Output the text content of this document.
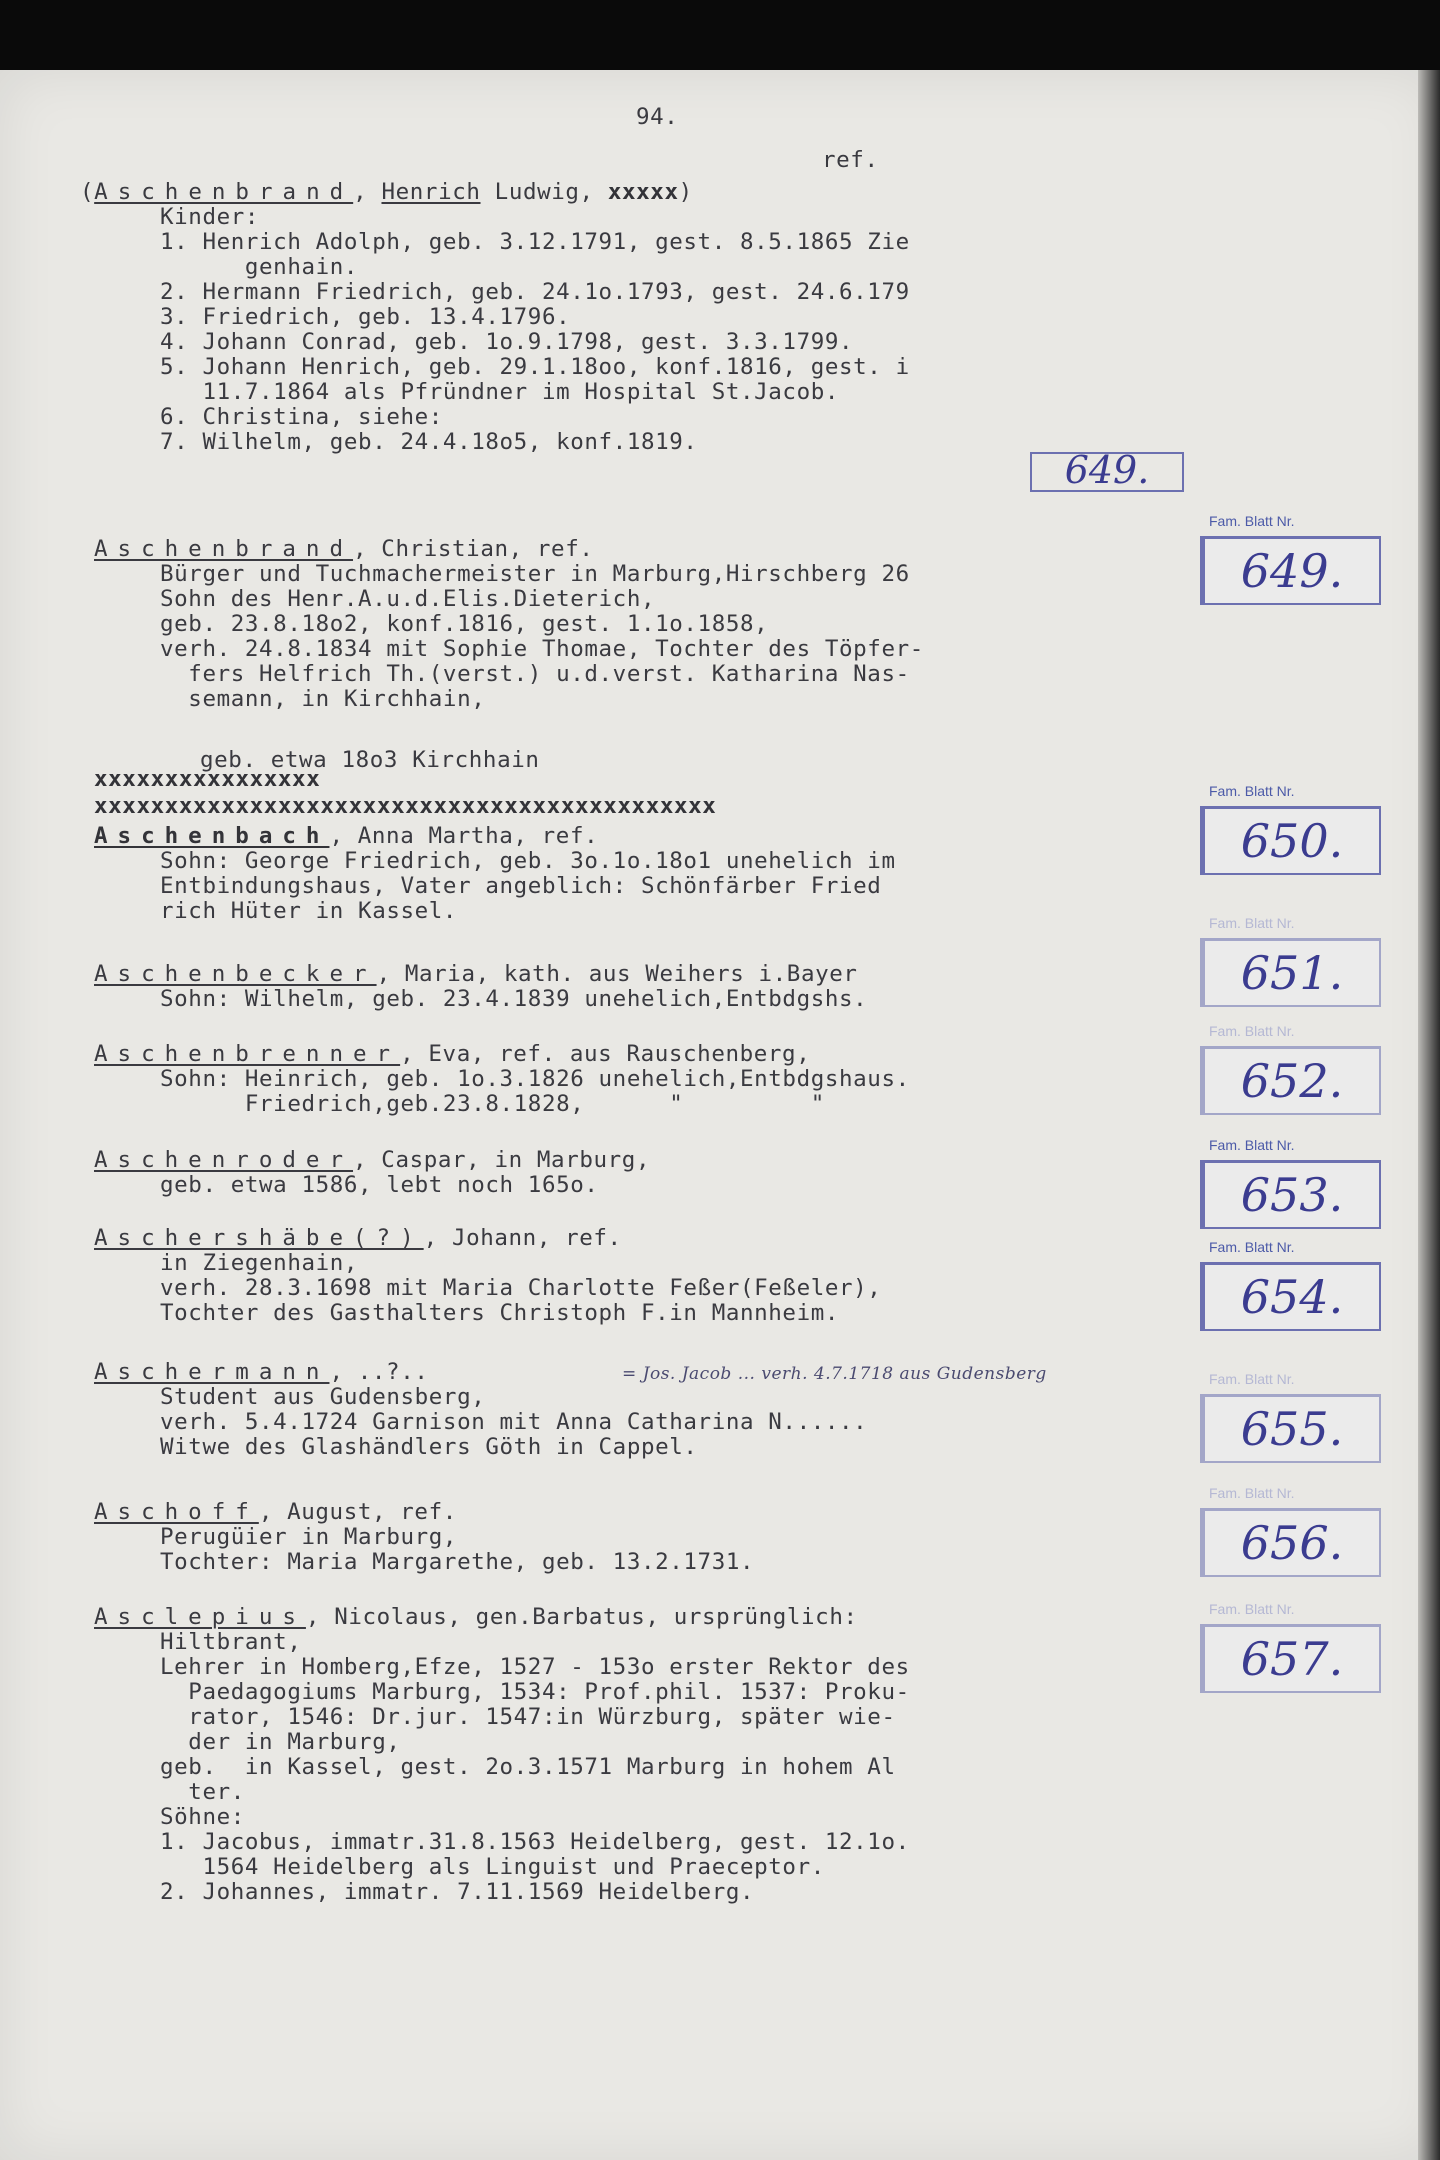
94.
ref.
(Aschenbrand, Henrich Ludwig, xxxxx)
Kinder:
1. Henrich Adolph, geb. 3.12.1791, gest. 8.5.1865 Zie
genhain.
2. Hermann Friedrich, geb. 24.1o.1793, gest. 24.6.179
3. Friedrich, geb. 13.4.1796.
4. Johann Conrad, geb. 1o.9.1798, gest. 3.3.1799.
5. Johann Henrich, geb. 29.1.18oo, konf.1816, gest. i
11.7.1864 als Pfründner im Hospital St.Jacob.
6. Christina, siehe:
7. Wilhelm, geb. 24.4.18o5, konf.1819.
649.
Aschenbrand, Christian, ref.
Bürger und Tuchmachermeister in Marburg,Hirschberg 26
Sohn des Henr.A.u.d.Elis.Dieterich,
geb. 23.8.18o2, konf.1816, gest. 1.1o.1858,
verh. 24.8.1834 mit Sophie Thomae, Tochter des Töpfer-
fers Helfrich Th.(verst.) u.d.verst. Katharina Nas-
semann, in Kirchhain,
geb. etwa 18o3 Kirchhain
xxxxxxxxxxxxxxxx
xxxxxxxxxxxxxxxxxxxxxxxxxxxxxxxxxxxxxxxxxxxx
Aschenbach, Anna Martha, ref.
Sohn: George Friedrich, geb. 3o.1o.18o1 unehelich im
Entbindungshaus, Vater angeblich: Schönfärber Fried
rich Hüter in Kassel.
Aschenbecker, Maria, kath. aus Weihers i.Bayer
Sohn: Wilhelm, geb. 23.4.1839 unehelich,Entbdgshs.
Aschenbrenner, Eva, ref. aus Rauschenberg,
Sohn: Heinrich, geb. 1o.3.1826 unehelich,Entbdgshaus.
Friedrich,geb.23.8.1828,      "         "
Aschenroder, Caspar, in Marburg,
geb. etwa 1586, lebt noch 165o.
Aschershäbe(?), Johann, ref.
in Ziegenhain,
verh. 28.3.1698 mit Maria Charlotte Feßer(Feßeler),
Tochter des Gasthalters Christoph F.in Mannheim.
Aschermann, ..?..	= Jos. Jacob ... verh. 4.7.1718 aus Gudensberg
Student aus Gudensberg,
verh. 5.4.1724 Garnison mit Anna Catharina N......
Witwe des Glashändlers Göth in Cappel.
Aschoff, August, ref.
Perugüier in Marburg,
Tochter: Maria Margarethe, geb. 13.2.1731.
Asclepius, Nicolaus, gen.Barbatus, ursprünglich:
Hiltbrant,
Lehrer in Homberg,Efze, 1527 - 153o erster Rektor des
Paedagogiums Marburg, 1534: Prof.phil. 1537: Proku-
rator, 1546: Dr.jur. 1547:in Würzburg, später wie-
der in Marburg,
geb.  in Kassel, gest. 2o.3.1571 Marburg in hohem Al
ter.
Söhne:
1. Jacobus, immatr.31.8.1563 Heidelberg, gest. 12.1o.
1564 Heidelberg als Linguist und Praeceptor.
2. Johannes, immatr. 7.11.1569 Heidelberg.
Fam. Blatt Nr.
649.
Fam. Blatt Nr.
650.
Fam. Blatt Nr.
651.
Fam. Blatt Nr.
652.
Fam. Blatt Nr.
653.
Fam. Blatt Nr.
654.
Fam. Blatt Nr.
655.
Fam. Blatt Nr.
656.
Fam. Blatt Nr.
657.
